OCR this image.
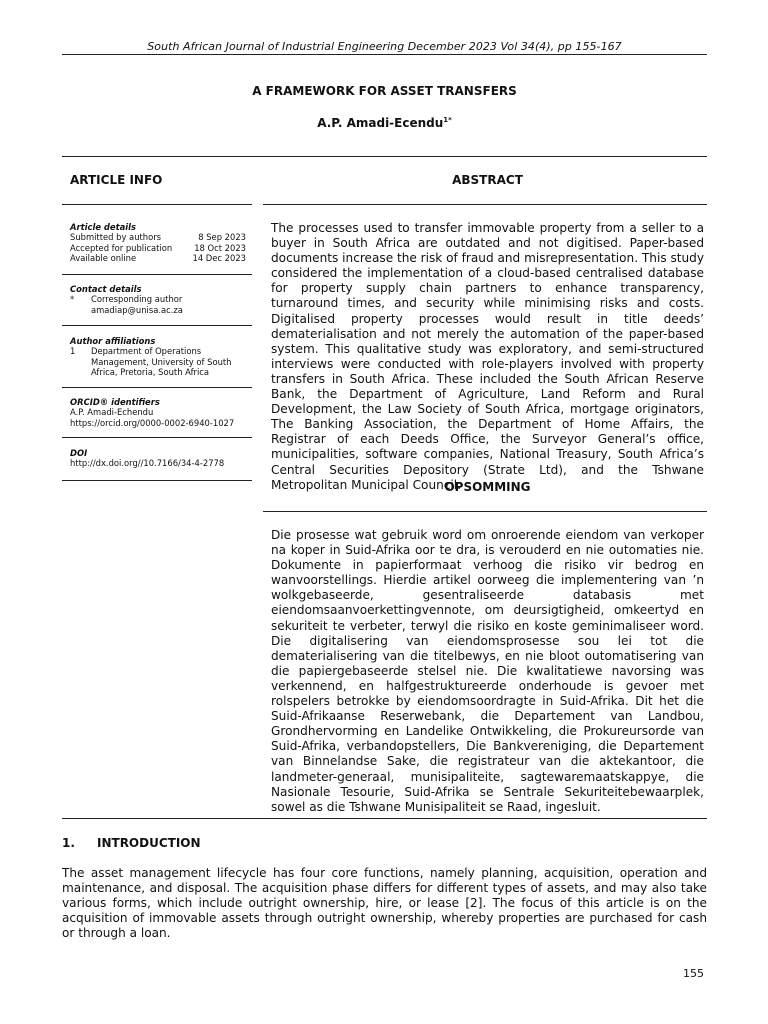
South African Journal of Industrial Engineering December 2023 Vol 34(4), pp 155-167
A FRAMEWORK FOR ASSET TRANSFERS
A.P. Amadi-Ecendu$^{1*}$
ARTICLE INFO	ABSTRACT
Article details
Submitted by authors	8 Sep 2023
Accepted for publication	18 Oct 2023
Available online	14 Dec 2023
Contact details
*	Corresponding author
amadiap@unisa.ac.za
Author affiliations
1	Department of Operations
Management, University of South
Africa, Pretoria, South Africa
ORCID® identifiers
A.P. Amadi-Echendu
https://orcid.org/0000-0002-6940-1027
DOI
http://dx.doi.org//10.7166/34-4-2778
The processes used to transfer immovable property from a seller to a buyer in South Africa are outdated and not digitised. Paper-based documents increase the risk of fraud and misrepresentation. This study considered the implementation of a cloud-based centralised database for property supply chain partners to enhance transparency, turnaround times, and security while minimising risks and costs. Digitalised property processes would result in title deeds’ dematerialisation and not merely the automation of the paper-based system. This qualitative study was exploratory, and semi-structured interviews were conducted with role-players involved with property transfers in South Africa. These included the South African Reserve Bank, the Department of Agriculture, Land Reform and Rural Development, the Law Society of South Africa, mortgage originators, The Banking Association, the Department of Home Affairs, the Registrar of each Deeds Office, the Surveyor General’s office, municipalities, software companies, National Treasury, South Africa’s Central Securities Depository (Strate Ltd), and the Tshwane Metropolitan Municipal Council.
OPSOMMING
Die prosesse wat gebruik word om onroerende eiendom van verkoper na koper in Suid-Afrika oor te dra, is verouderd en nie outomaties nie. Dokumente in papierformaat verhoog die risiko vir bedrog en wanvoorstellings. Hierdie artikel oorweeg die implementering van ’n wolkgebaseerde, gesentraliseerde databasis met eiendomsaanvoerkettingvennote, om deursigtigheid, omkeertyd en sekuriteit te verbeter, terwyl die risiko en koste geminimaliseer word. Die digitalisering van eiendomsprosesse sou lei tot die dematerialisering van die titelbewys, en nie bloot outomatisering van die papiergebaseerde stelsel nie. Die kwalitatiewe navorsing was verkennend, en halfgestruktureerde onderhoude is gevoer met rolspelers betrokke by eiendomsoordragte in Suid-Afrika. Dit het die Suid-Afrikaanse Reserwebank, die Departement van Landbou, Grondhervorming en Landelike Ontwikkeling, die Prokureursorde van Suid-Afrika, verbandopstellers, Die Bankvereniging, die Departement van Binnelandse Sake, die registrateur van die aktekantoor, die landmeter-generaal, munisipaliteite, sagtewaremaatskappye, die Nasionale Tesourie, Suid-Afrika se Sentrale Sekuriteitebewaarplek, sowel as die Tshwane Munisipaliteit se Raad, ingesluit.
1. INTRODUCTION
The asset management lifecycle has four core functions, namely planning, acquisition, operation and maintenance, and disposal. The acquisition phase differs for different types of assets, and may also take various forms, which include outright ownership, hire, or lease [2]. The focus of this article is on the acquisition of immovable assets through outright ownership, whereby properties are purchased for cash or through a loan.
155
